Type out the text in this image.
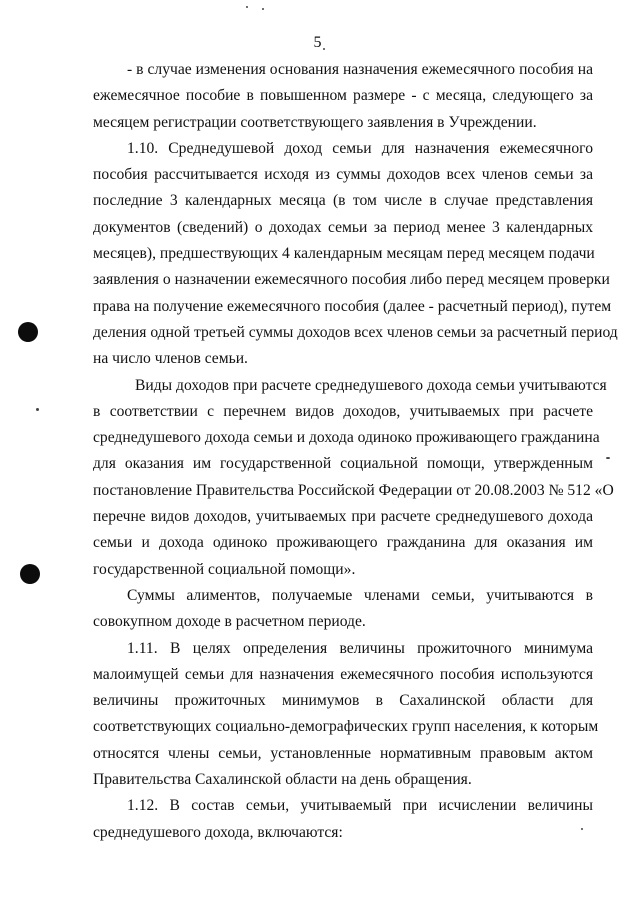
5
- в случае изменения основания назначения ежемесячного пособия на
ежемесячное пособие в повышенном размере - с месяца, следующего за
месяцем регистрации соответствующего заявления в Учреждении.
1.10. Среднедушевой доход семьи для назначения ежемесячного
пособия рассчитывается исходя из суммы доходов всех членов семьи за
последние 3 календарных месяца (в том числе в случае представления
документов (сведений) о доходах семьи за период менее 3 календарных
месяцев), предшествующих 4 календарным месяцам перед месяцем подачи
заявления о назначении ежемесячного пособия либо перед месяцем проверки
права на получение ежемесячного пособия (далее - расчетный период), путем
деления одной третьей суммы доходов всех членов семьи за расчетный период
на число членов семьи.
Виды доходов при расчете среднедушевого дохода семьи учитываются
в соответствии с перечнем видов доходов, учитываемых при расчете
среднедушевого дохода семьи и дохода одиноко проживающего гражданина
для оказания им государственной социальной помощи, утвержденным
постановление Правительства Российской Федерации от 20.08.2003 № 512 «О
перечне видов доходов, учитываемых при расчете среднедушевого дохода
семьи и дохода одиноко проживающего гражданина для оказания им
государственной социальной помощи».
Суммы алиментов, получаемые членами семьи, учитываются в
совокупном доходе в расчетном периоде.
1.11. В целях определения величины прожиточного минимума
малоимущей семьи для назначения ежемесячного пособия используются
величины прожиточных минимумов в Сахалинской области для
соответствующих социально-демографических групп населения, к которым
относятся члены семьи, установленные нормативным правовым актом
Правительства Сахалинской области на день обращения.
1.12. В состав семьи, учитываемый при исчислении величины
среднедушевого дохода, включаются:
